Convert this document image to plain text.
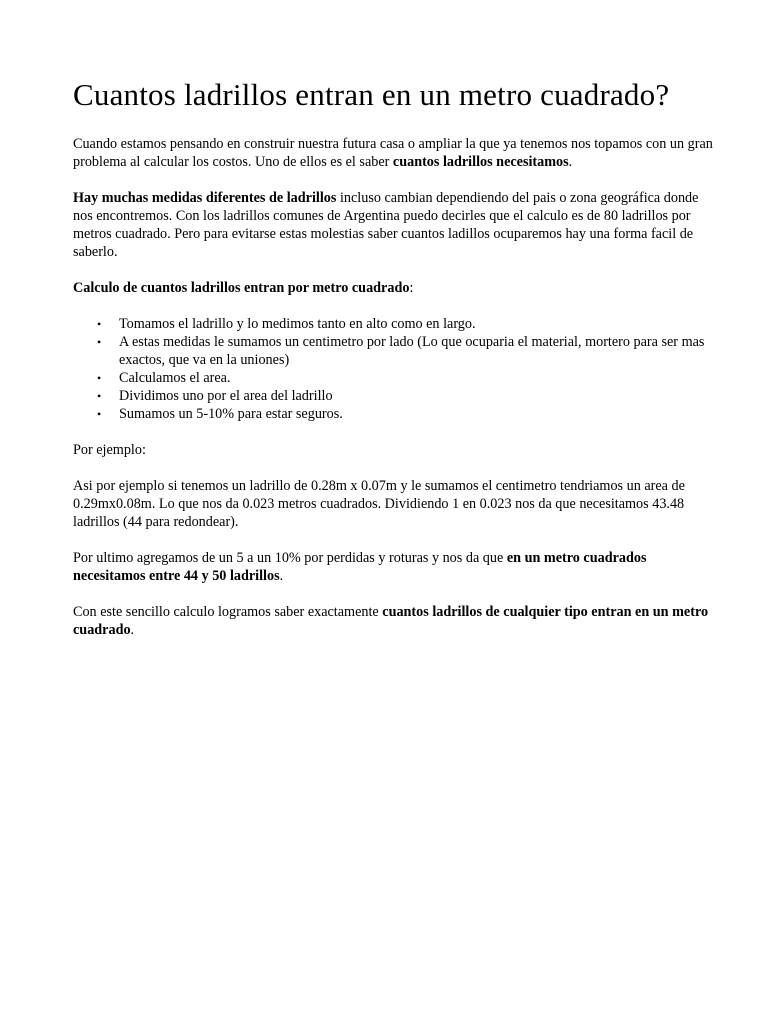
Cuantos ladrillos entran en un metro cuadrado?

Cuando estamos pensando en construir nuestra futura casa o ampliar la que ya tenemos nos topamos con un gran problema al calcular los costos. Uno de ellos es el saber cuantos ladrillos necesitamos.

Hay muchas medidas diferentes de ladrillos incluso cambian dependiendo del pais o zona geográfica donde nos encontremos. Con los ladrillos comunes de Argentina puedo decirles que el calculo es de 80 ladrillos por metros cuadrado. Pero para evitarse estas molestias saber cuantos ladillos ocuparemos hay una forma facil de saberlo.

Calculo de cuantos ladrillos entran por metro cuadrado:

• Tomamos el ladrillo y lo medimos tanto en alto como en largo.
• A estas medidas le sumamos un centimetro por lado (Lo que ocuparia el material, mortero para ser mas exactos, que va en la uniones)
• Calculamos el area.
• Dividimos uno por el area del ladrillo
• Sumamos un 5-10% para estar seguros.

Por ejemplo:

Asi por ejemplo si tenemos un ladrillo de 0.28m x 0.07m y le sumamos el centimetro tendriamos un area de 0.29mx0.08m. Lo que nos da 0.023 metros cuadrados. Dividiendo 1 en 0.023 nos da que necesitamos 43.48 ladrillos (44 para redondear).

Por ultimo agregamos de un 5 a un 10% por perdidas y roturas y nos da que en un metro cuadrados necesitamos entre 44 y 50 ladrillos.

Con este sencillo calculo logramos saber exactamente cuantos ladrillos de cualquier tipo entran en un metro cuadrado.
